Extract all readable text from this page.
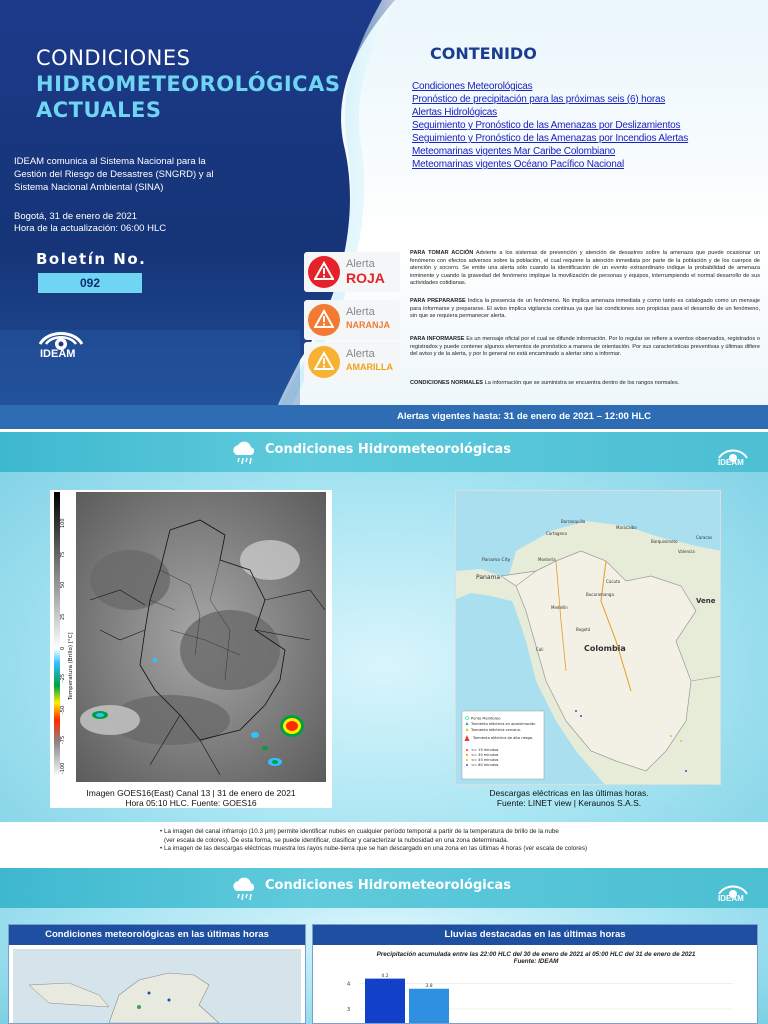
CONDICIONES
HIDROMETEOROLÓGICAS
ACTUALES
IDEAM comunica al Sistema Nacional para la Gestión del Riesgo de Desastres (SNGRD) y al Sistema Nacional Ambiental (SINA)
Bogotá, 31 de enero de 2021
Hora de la actualización: 06:00 HLC
Boletín No.
092
IDEAM
CONTENIDO
Condiciones Meteorológicas
Pronóstico de precipitación para las próximas seis (6) horas
Alertas Hidrológicas
Seguimiento y Pronóstico de las Amenazas por Deslizamientos
Seguimiento y Pronóstico de las Amenazas por Incendios Alertas
Meteomarinas vigentes Mar Caribe Colombiano
Meteomarinas vigentes Océano Pacífico Nacional
Alerta
ROJA
Alerta
NARANJA
Alerta
AMARILLA
PARA TOMAR ACCIÓN Advierte a los sistemas de prevención y atención de desastres sobre la amenaza que puede ocasionar un fenómeno con efectos adversos sobre la población, el cual requiere la atención inmediata por parte de la población y de los cuerpos de atención y socorro. Se emite una alerta sólo cuando la identificación de un evento extraordinario indique la probabilidad de amenaza inminente y cuando la gravedad del fenómeno implique la movilización de personas y equipos, interrumpiendo el normal desarrollo de sus actividades cotidianas.
PARA PREPARARSE Indica la presencia de un fenómeno. No implica amenaza inmediata y como tanto es catalogado como un mensaje para informarse y prepararse. El aviso implica vigilancia continua ya que las condiciones son propicias para el desarrollo de un fenómeno, sin que se requiera permanecer alerta.
PARA INFORMARSE Es un mensaje oficial por el cual se difunde información. Por lo regular se refiere a eventos observados, registrados o registrados y puede contener algunos elementos de pronóstico a manera de orientación. Por sus características preventivas y últimas difiere del aviso y de la alerta, y por lo general no está encaminado a alertar sino a informar.
CONDICIONES NORMALES La información que se suministra se encuentra dentro de los rangos normales.
Alertas vigentes hasta: 31 de enero de 2021 – 12:00 HLC
Condiciones Hidrometeorológicas
IDEAM
100
75
50
25
0
-25
-50
-75
-100
Temperatura (Brillo) [°C]	Colombia
Panama
Panama City
Vene
Barranquilla
Cartagena
Maracaibo
Barquisimeto
Valencia
Caracas
Medellín
Bogotá
Cúcuta
Cali
Montería
Bucaramanga
Punto Monitoreo
Tormenta eléctrica en aproximación.
Tormenta eléctrica cercana.
Tormenta eléctrica de alto riesgo.
<= 15 minutos
<= 30 minutos
<= 45 minutos
<= 60 minutos
Imagen GOES16(East) Canal 13 | 31 de enero de 2021
Hora 05:10 HLC. Fuente: GOES16
Descargas eléctricas en las últimas horas.
Fuente: LINET view | Keraunos S.A.S.
• La imagen del canal infrarrojo (10.3 µm) permite identificar nubes en cualquier período temporal a partir de la temperatura de brillo de la nube
(ver escala de colores). De esta forma, se puede identificar, clasificar y caracterizar la nubosidad en una zona determinada.
• La imagen de las descargas eléctricas muestra los rayos nube-tierra que se han descargado en una zona en las últimas 4 horas (ver escala de colores)
Condiciones Hidrometeorológicas
IDEAM
Condiciones meteorológicas en las últimas horas	Lluvias destacadas en las últimas horas
Precipitación acumulada entre las 22:00 HLC del 30 de enero de 2021 al 05:00 HLC del 31 de enero de 2021
Fuente: IDEAM
4
3
4.2
3.8
